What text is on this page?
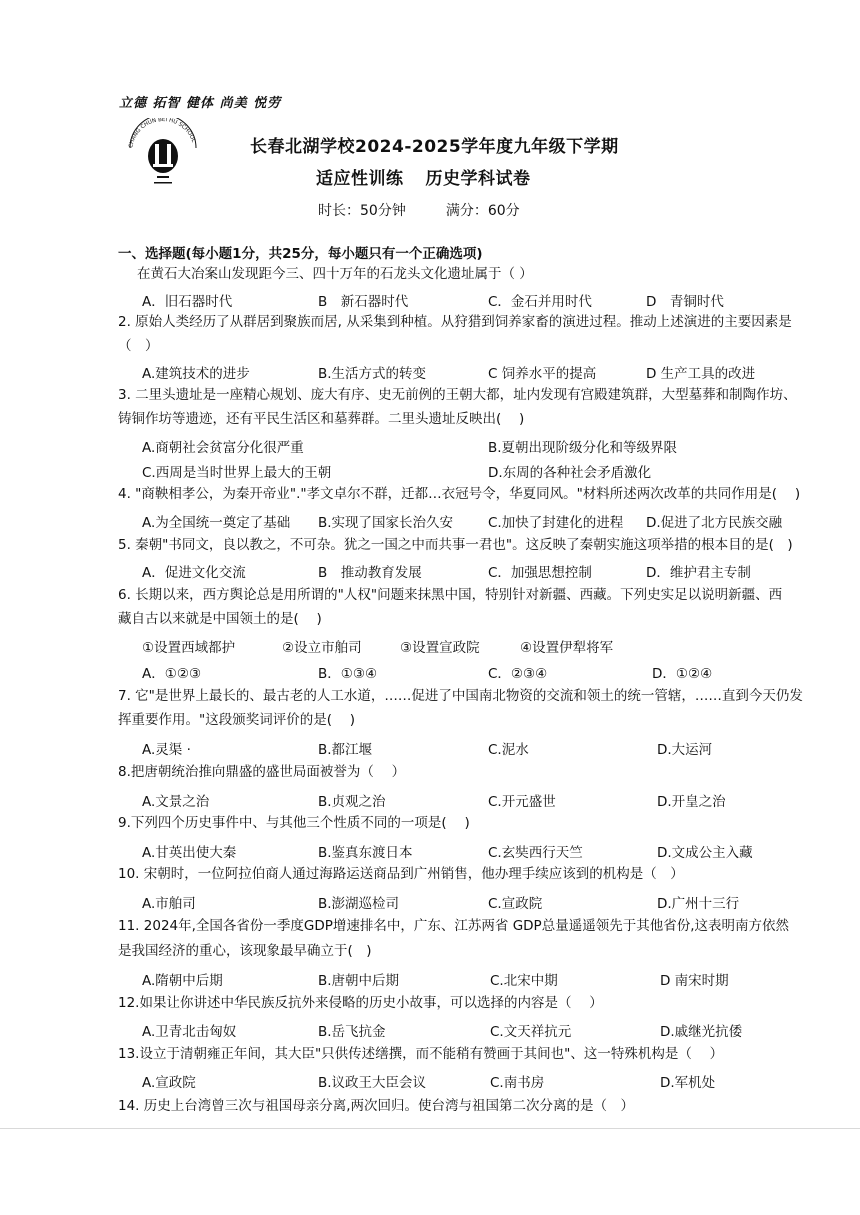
立德 拓智 健体 尚美 悦劳
CHANG CHUN BEI HU SCHOOL	长春北湖学校2024-2025学年度九年级下学期
适应性训练 历史学科试卷
时长：50分钟	满分：60分
一、选择题(每小题1分，共25分，每小题只有一个正确选项)
在黄石大冶案山发现距今三、四十万年的石龙头文化遗址属于（ ）
A．旧石器时代	B　新石器时代	C．金石并用时代	D　青铜时代
2. 原始人类经历了从群居到聚族而居, 从采集到种植。从狩猎到饲养家畜的演进过程。推动上述演进的主要因素是
（　）
A.建筑技术的进步	B.生活方式的转变	C 饲养水平的提高	D 生产工具的改进
3. 二里头遗址是一座精心规划、庞大有序、史无前例的王朝大都，址内发现有宫殿建筑群，大型墓葬和制陶作坊、
铸铜作坊等遗迹，还有平民生活区和墓葬群。二里头遗址反映出(　 )
A.商朝社会贫富分化很严重	B.夏朝出现阶级分化和等级界限
C.西周是当时世界上最大的王朝	D.东周的各种社会矛盾激化
4. "商鞅相孝公，为秦开帝业"."孝文卓尔不群，迁都…衣冠号令，华夏同风。"材料所述两次改革的共同作用是(　 )
A.为全国统一奠定了基础 B.实现了国家长治久安	C.加快了封建化的进程 D.促进了北方民族交融
5. 秦朝"书同文，良以教之，不可杂。犹之一国之中而共事一君也"。这反映了秦朝实施这项举措的根本目的是(　)
A．促进文化交流	B　推动教育发展	C．加强思想控制	D．维护君主专制
6. 长期以来，西方舆论总是用所谓的"人权"问题来抹黑中国，特别针对新疆、西藏。下列史实足以说明新疆、西
藏自古以来就是中国领土的是(　 )
①设置西域都护	②设立市舶司	③设置宣政院	④设置伊犁将军
A．①②③	B．①③④	C．②③④	D．①②④
7. 它"是世界上最长的、最古老的人工水道，……促进了中国南北物资的交流和领土的统一管辖，……直到今天仍发
挥重要作用。"这段颁奖词评价的是(　 )
A.灵渠 ·	B.都江堰	C.泥水	D.大运河
8.把唐朝统治推向鼎盛的盛世局面被誉为（　 ）
A.文景之治	B.贞观之治	C.开元盛世	D.开皇之治
9.下列四个历史事件中、与其他三个性质不同的一项是(　 )
A.甘英出使大秦	B.鉴真东渡日本	C.玄奘西行天竺	D.文成公主入藏
10. 宋朝时，一位阿拉伯商人通过海路运送商品到广州销售，他办理手续应该到的机构是（　）
A.市舶司	B.澎湖巡检司	C.宣政院	D.广州十三行
11. 2024年,全国各省份一季度GDP增速排名中，广东、江苏两省 GDP总量遥遥领先于其他省份,这表明南方依然
是我国经济的重心，该现象最早确立于(　)
A.隋朝中后期	B.唐朝中后期	C.北宋中期	D 南宋时期
12.如果让你讲述中华民族反抗外来侵略的历史小故事，可以选择的内容是（　 ）
A.卫青北击匈奴	B.岳飞抗金	C.文天祥抗元	D.戚继光抗倭
13.设立于清朝雍正年间，其大臣"只供传述缮撰，而不能稍有赞画于其间也"、这一特殊机构是（　 ）
A.宣政院	B.议政王大臣会议	C.南书房	D.军机处
14. 历史上台湾曾三次与祖国母亲分离,两次回归。使台湾与祖国第二次分离的是（　）
